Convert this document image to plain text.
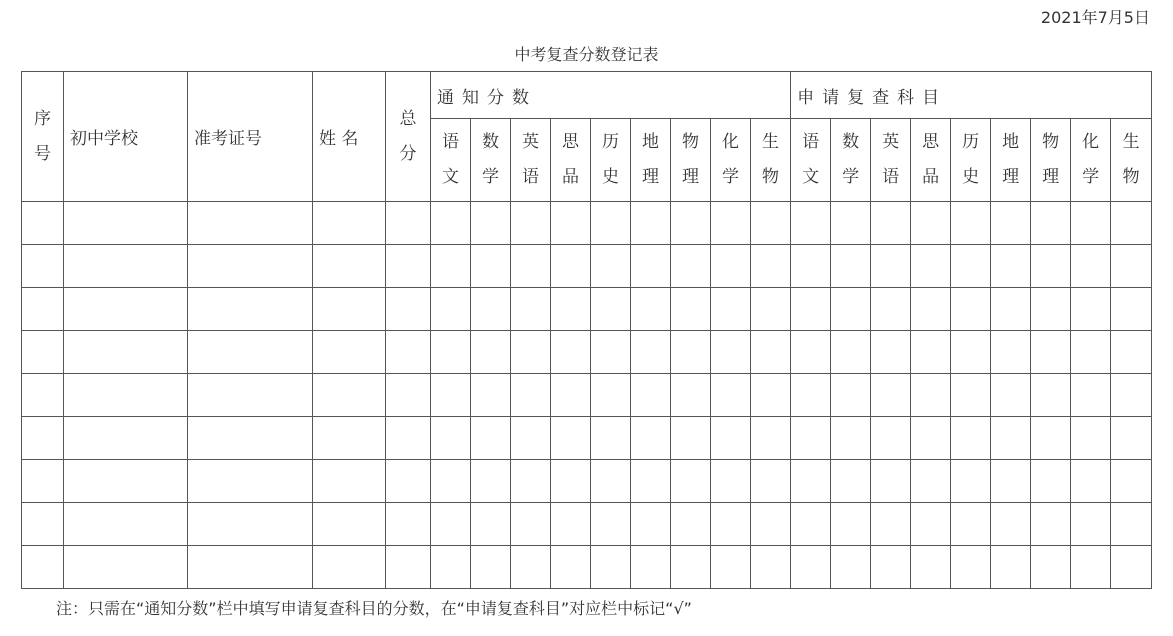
2021年7月5日
中考复查分数登记表
序号	初中学校	准考证号	姓 名	总分	通知分数									申请复查科目								
					语文	数学	英语	思品	历史	地理	物理	化学	生物	语文	数学	英语	思品	历史	地理	物理	化学	生物

注：只需在“通知分数”栏中填写申请复查科目的分数，在“申请复查科目”对应栏中标记“√”
